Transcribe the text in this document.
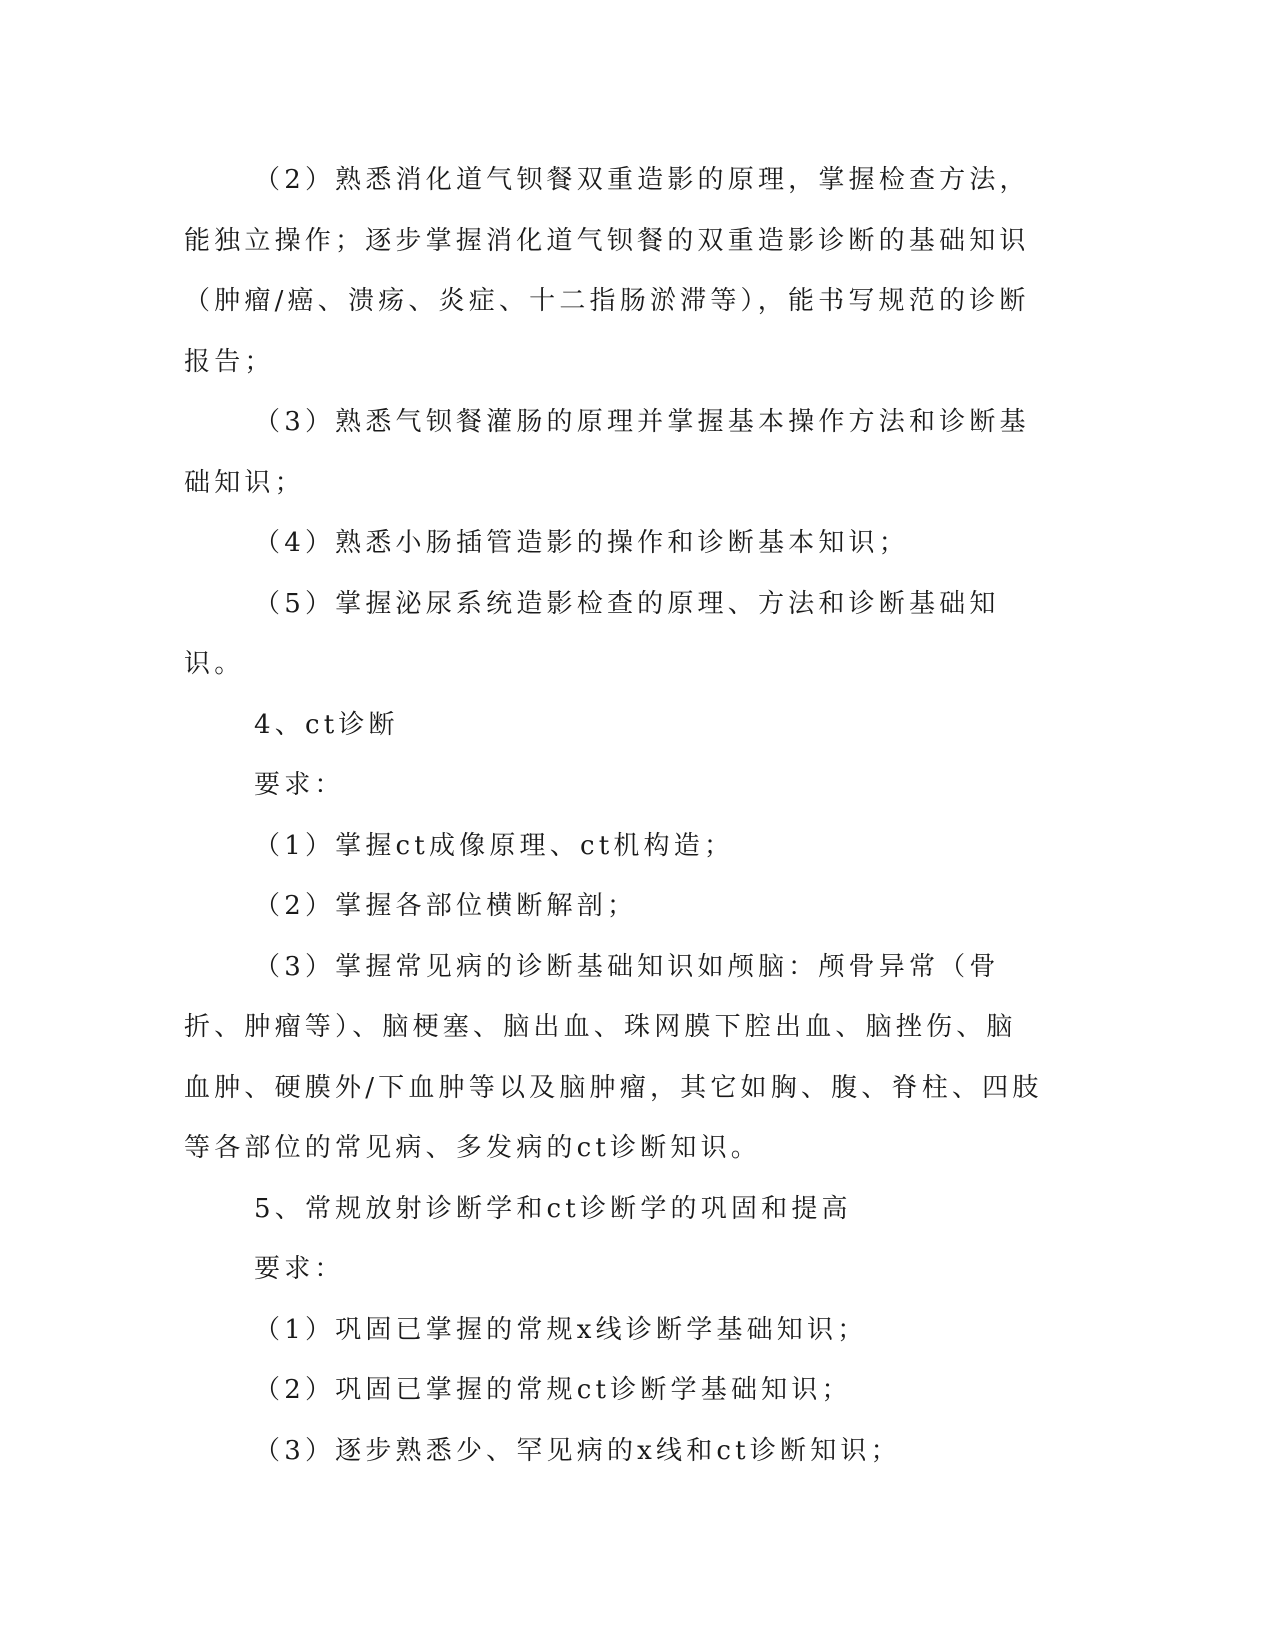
（2）熟悉消化道气钡餐双重造影的原理，掌握检查方法，能独立操作；逐步掌握消化道气钡餐的双重造影诊断的基础知识（肿瘤/癌、溃疡、炎症、十二指肠淤滞等），能书写规范的诊断报告；

（3）熟悉气钡餐灌肠的原理并掌握基本操作方法和诊断基础知识；

（4）熟悉小肠插管造影的操作和诊断基本知识；

（5）掌握泌尿系统造影检查的原理、方法和诊断基础知识。

4、ct诊断

要求：

（1）掌握ct成像原理、ct机构造；

（2）掌握各部位横断解剖；

（3）掌握常见病的诊断基础知识如颅脑：颅骨异常（骨折、肿瘤等）、脑梗塞、脑出血、珠网膜下腔出血、脑挫伤、脑血肿、硬膜外/下血肿等以及脑肿瘤，其它如胸、腹、脊柱、四肢等各部位的常见病、多发病的ct诊断知识。

5、常规放射诊断学和ct诊断学的巩固和提高

要求：

（1）巩固已掌握的常规x线诊断学基础知识；

（2）巩固已掌握的常规ct诊断学基础知识；

（3）逐步熟悉少、罕见病的x线和ct诊断知识；
